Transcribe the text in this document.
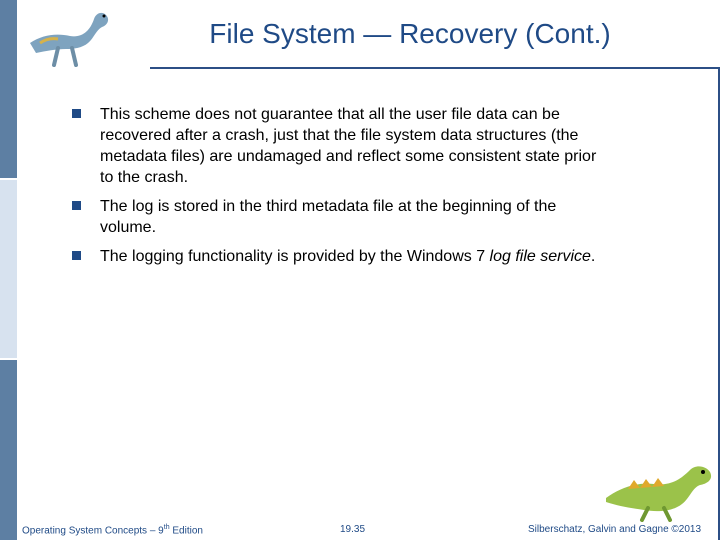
File System — Recovery (Cont.)
This scheme does not guarantee that all the user file data can be recovered after a crash, just that the file system data structures (the metadata files) are undamaged and reflect some consistent state prior to the crash.
The log is stored in the third metadata file at the beginning of the volume.
The logging functionality is provided by the Windows 7 log file service.
Operating System Concepts – 9th Edition	19.35	Silberschatz, Galvin and Gagne ©2013
